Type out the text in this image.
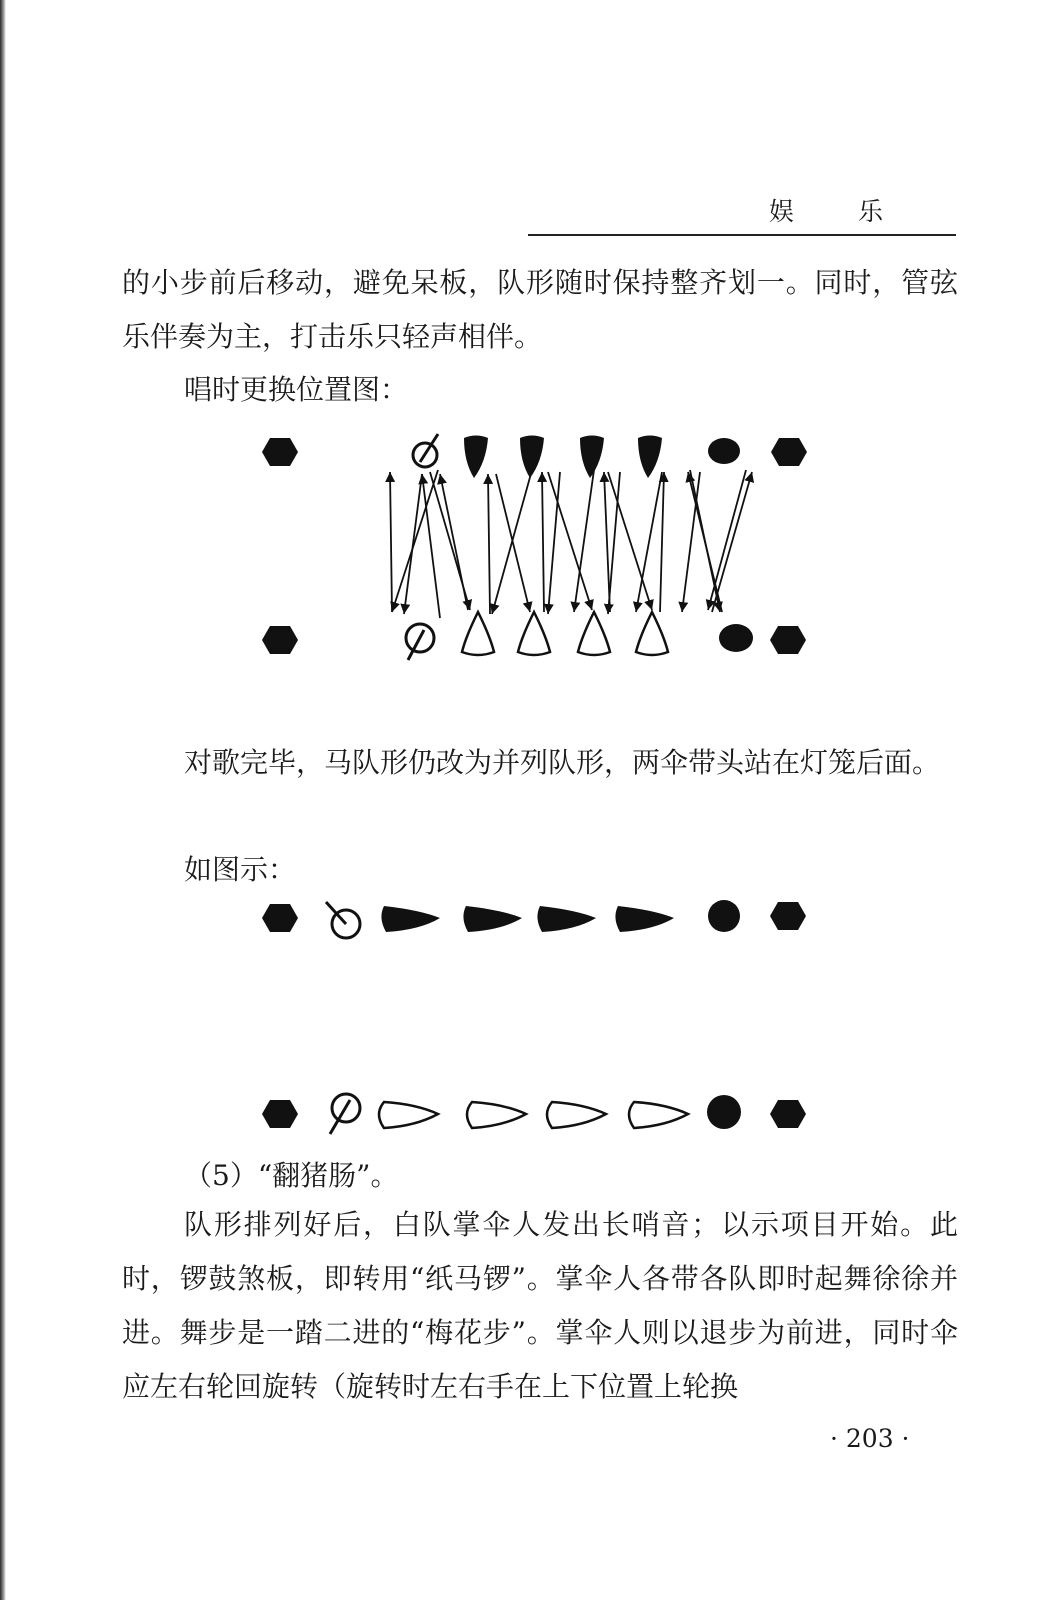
娱 乐

的小步前后移动，避免呆板，队形随时保持整齐划一。同时，管弦乐伴奏为主，打击乐只轻声相伴。

唱时更换位置图：

对歌完毕，马队形仍改为并列队形，两伞带头站在灯笼后面。

如图示：

（5）“翻猪肠”。

队形排列好后，白队掌伞人发出长哨音；以示项目开始。此时，锣鼓煞板，即转用“纸马锣”。掌伞人各带各队即时起舞徐徐并进。舞步是一踏二进的“梅花步”。掌伞人则以退步为前进，同时伞应左右轮回旋转（旋转时左右手在上下位置上轮换

· 203 ·
